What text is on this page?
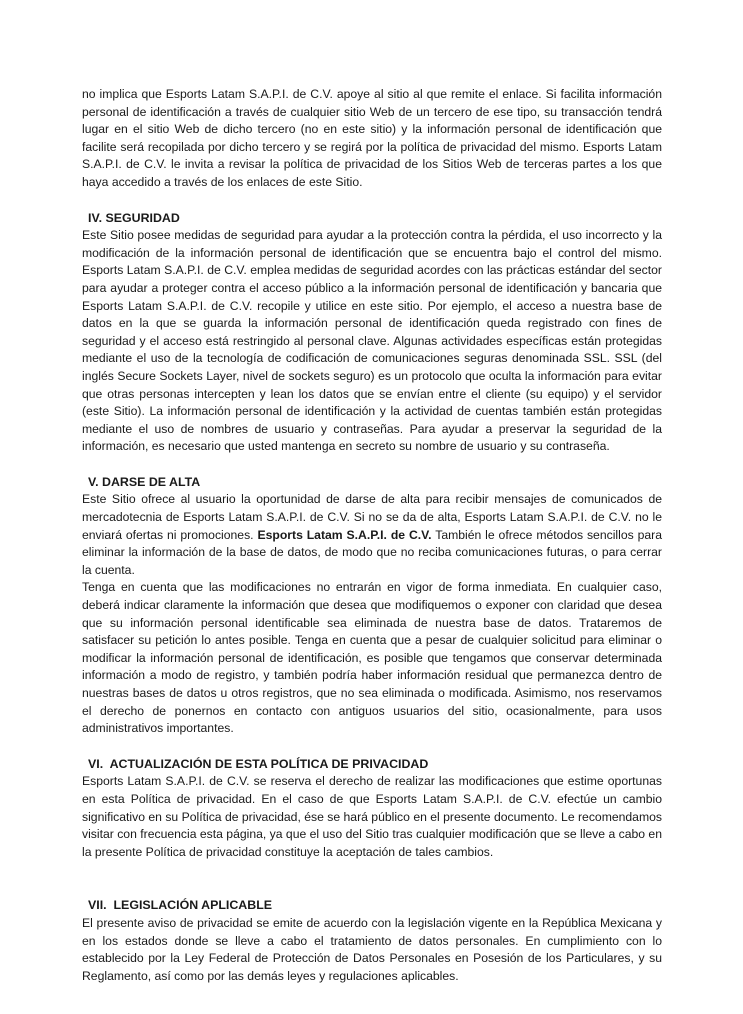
no implica que Esports Latam S.A.P.I. de C.V. apoye al sitio al que remite el enlace. Si facilita información personal de identificación a través de cualquier sitio Web de un tercero de ese tipo, su transacción tendrá lugar en el sitio Web de dicho tercero (no en este sitio) y la información personal de identificación que facilite será recopilada por dicho tercero y se regirá por la política de privacidad del mismo. Esports Latam S.A.P.I. de C.V. le invita a revisar la política de privacidad de los Sitios Web de terceras partes a los que haya accedido a través de los enlaces de este Sitio.

IV. SEGURIDAD

Este Sitio posee medidas de seguridad para ayudar a la protección contra la pérdida, el uso incorrecto y la modificación de la información personal de identificación que se encuentra bajo el control del mismo. Esports Latam S.A.P.I. de C.V. emplea medidas de seguridad acordes con las prácticas estándar del sector para ayudar a proteger contra el acceso público a la información personal de identificación y bancaria que Esports Latam S.A.P.I. de C.V. recopile y utilice en este sitio. Por ejemplo, el acceso a nuestra base de datos en la que se guarda la información personal de identificación queda registrado con fines de seguridad y el acceso está restringido al personal clave. Algunas actividades específicas están protegidas mediante el uso de la tecnología de codificación de comunicaciones seguras denominada SSL. SSL (del inglés Secure Sockets Layer, nivel de sockets seguro) es un protocolo que oculta la información para evitar que otras personas intercepten y lean los datos que se envían entre el cliente (su equipo) y el servidor (este Sitio). La información personal de identificación y la actividad de cuentas también están protegidas mediante el uso de nombres de usuario y contraseñas. Para ayudar a preservar la seguridad de la información, es necesario que usted mantenga en secreto su nombre de usuario y su contraseña.

V. DARSE DE ALTA

Este Sitio ofrece al usuario la oportunidad de darse de alta para recibir mensajes de comunicados de mercadotecnia de Esports Latam S.A.P.I. de C.V. Si no se da de alta, Esports Latam S.A.P.I. de C.V. no le enviará ofertas ni promociones. Esports Latam S.A.P.I. de C.V. También le ofrece métodos sencillos para eliminar la información de la base de datos, de modo que no reciba comunicaciones futuras, o para cerrar la cuenta.

Tenga en cuenta que las modificaciones no entrarán en vigor de forma inmediata. En cualquier caso, deberá indicar claramente la información que desea que modifiquemos o exponer con claridad que desea que su información personal identificable sea eliminada de nuestra base de datos. Trataremos de satisfacer su petición lo antes posible. Tenga en cuenta que a pesar de cualquier solicitud para eliminar o modificar la información personal de identificación, es posible que tengamos que conservar determinada información a modo de registro, y también podría haber información residual que permanezca dentro de nuestras bases de datos u otros registros, que no sea eliminada o modificada. Asimismo, nos reservamos el derecho de ponernos en contacto con antiguos usuarios del sitio, ocasionalmente, para usos administrativos importantes.

VI. ACTUALIZACIÓN DE ESTA POLÍTICA DE PRIVACIDAD

Esports Latam S.A.P.I. de C.V. se reserva el derecho de realizar las modificaciones que estime oportunas en esta Política de privacidad. En el caso de que Esports Latam S.A.P.I. de C.V. efectúe un cambio significativo en su Política de privacidad, ése se hará público en el presente documento. Le recomendamos visitar con frecuencia esta página, ya que el uso del Sitio tras cualquier modificación que se lleve a cabo en la presente Política de privacidad constituye la aceptación de tales cambios.

VII. LEGISLACIÓN APLICABLE

El presente aviso de privacidad se emite de acuerdo con la legislación vigente en la República Mexicana y en los estados donde se lleve a cabo el tratamiento de datos personales. En cumplimiento con lo establecido por la Ley Federal de Protección de Datos Personales en Posesión de los Particulares, y su Reglamento, así como por las demás leyes y regulaciones aplicables.
